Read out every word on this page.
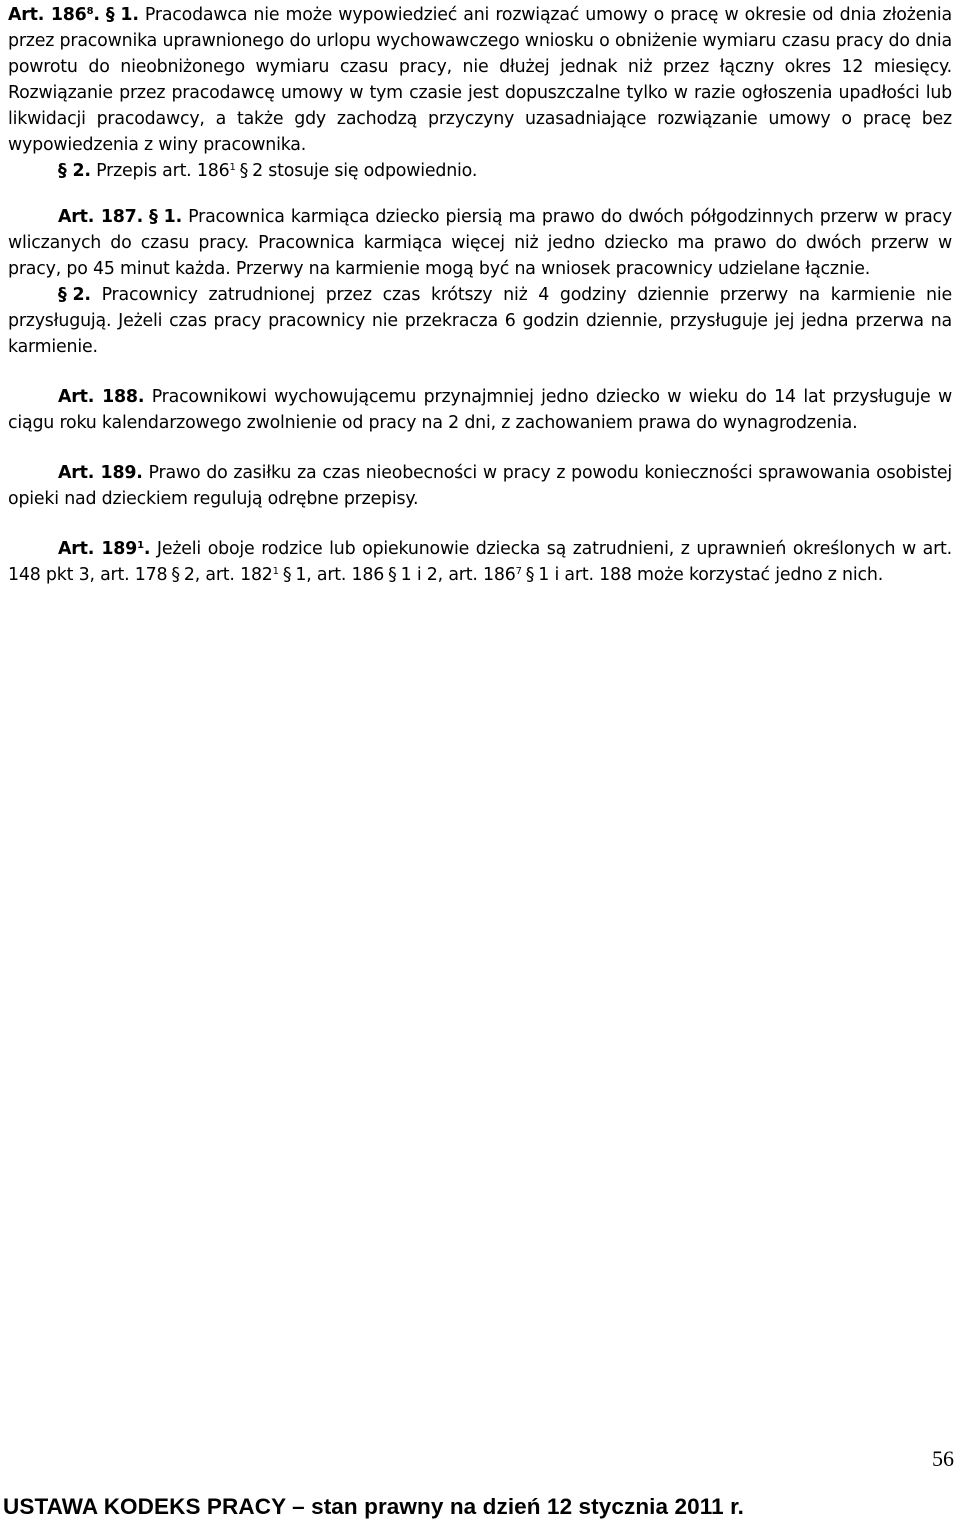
Art. $186^8$. § 1. Pracodawca nie może wypowiedzieć ani rozwiązać umowy o pracę w okresie od dnia złożenia przez pracownika uprawnionego do urlopu wychowawczego wniosku o obniżenie wymiaru czasu pracy do dnia powrotu do nieobniżonego wymiaru czasu pracy, nie dłużej jednak niż przez łączny okres 12 miesięcy. Rozwiązanie przez pracodawcę umowy w tym czasie jest dopuszczalne tylko w razie ogłoszenia upadłości lub likwidacji pracodawcy, a także gdy zachodzą przyczyny uzasadniające rozwiązanie umowy o pracę bez wypowiedzenia z winy pracownika.

§ 2. Przepis art. $186^1$ § 2 stosuje się odpowiednio.

Art. 187. § 1. Pracownica karmiąca dziecko piersią ma prawo do dwóch półgodzinnych przerw w pracy wliczanych do czasu pracy. Pracownica karmiąca więcej niż jedno dziecko ma prawo do dwóch przerw w pracy, po 45 minut każda. Przerwy na karmienie mogą być na wniosek pracownicy udzielane łącznie.

§ 2. Pracownicy zatrudnionej przez czas krótszy niż 4 godziny dziennie przerwy na karmienie nie przysługują. Jeżeli czas pracy pracownicy nie przekracza 6 godzin dziennie, przysługuje jej jedna przerwa na karmienie.

Art. 188. Pracownikowi wychowującemu przynajmniej jedno dziecko w wieku do 14 lat przysługuje w ciągu roku kalendarzowego zwolnienie od pracy na 2 dni, z zachowaniem prawa do wynagrodzenia.

Art. 189. Prawo do zasiłku za czas nieobecności w pracy z powodu konieczności sprawowania osobistej opieki nad dzieckiem regulują odrębne przepisy.

Art. $189^1$. Jeżeli oboje rodzice lub opiekunowie dziecka są zatrudnieni, z uprawnień określonych w art. 148 pkt 3, art. 178 § 2, art. $182^1$ § 1, art. 186 § 1 i 2, art. $186^7$ § 1 i art. 188 może korzystać jedno z nich.

56
USTAWA KODEKS PRACY – stan prawny na dzień 12 stycznia 2011 r.
